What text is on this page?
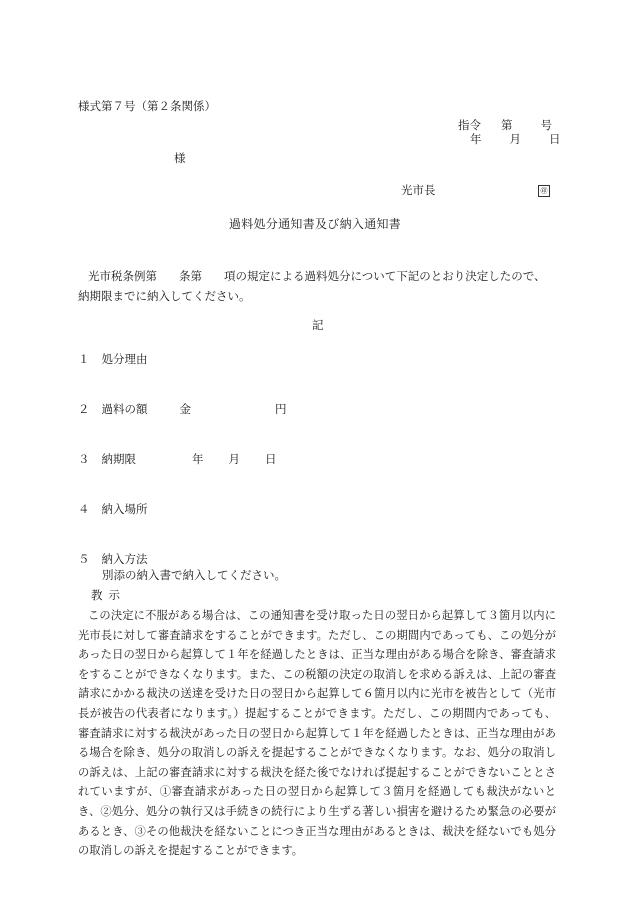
様式第７号（第２条関係）
指令 第 号
年 月 日
様
光市長	㊞
過料処分通知書及び納入通知書
光市税条例第 条第 項の規定による過料処分について下記のとおり決定したので、納期限までに納入してください。
記
１ 処分理由
２ 過料の額	金	円
３ 納期限	年 月 日
４ 納入場所
５ 納入方法
別添の納入書で納入してください。
教示
この決定に不服がある場合は、この通知書を受け取った日の翌日から起算して３箇月以内に光市長に対して審査請求をすることができます。ただし、この期間内であっても、この処分があった日の翌日から起算して１年を経過したときは、正当な理由がある場合を除き、審査請求をすることができなくなります。また、この税額の決定の取消しを求める訴えは、上記の審査請求にかかる裁決の送達を受けた日の翌日から起算して６箇月以内に光市を被告として（光市長が被告の代表者になります。）提起することができます。ただし、この期間内であっても、審査請求に対する裁決があった日の翌日から起算して１年を経過したときは、正当な理由がある場合を除き、処分の取消しの訴えを提起することができなくなります。なお、処分の取消しの訴えは、上記の審査請求に対する裁決を経た後でなければ提起することができないこととされていますが、①審査請求があった日の翌日から起算して３箇月を経過しても裁決がないとき、②処分、処分の執行又は手続きの続行により生ずる著しい損害を避けるため緊急の必要があるとき、③その他裁決を経ないことにつき正当な理由があるときは、裁決を経ないでも処分の取消しの訴えを提起することができます。
